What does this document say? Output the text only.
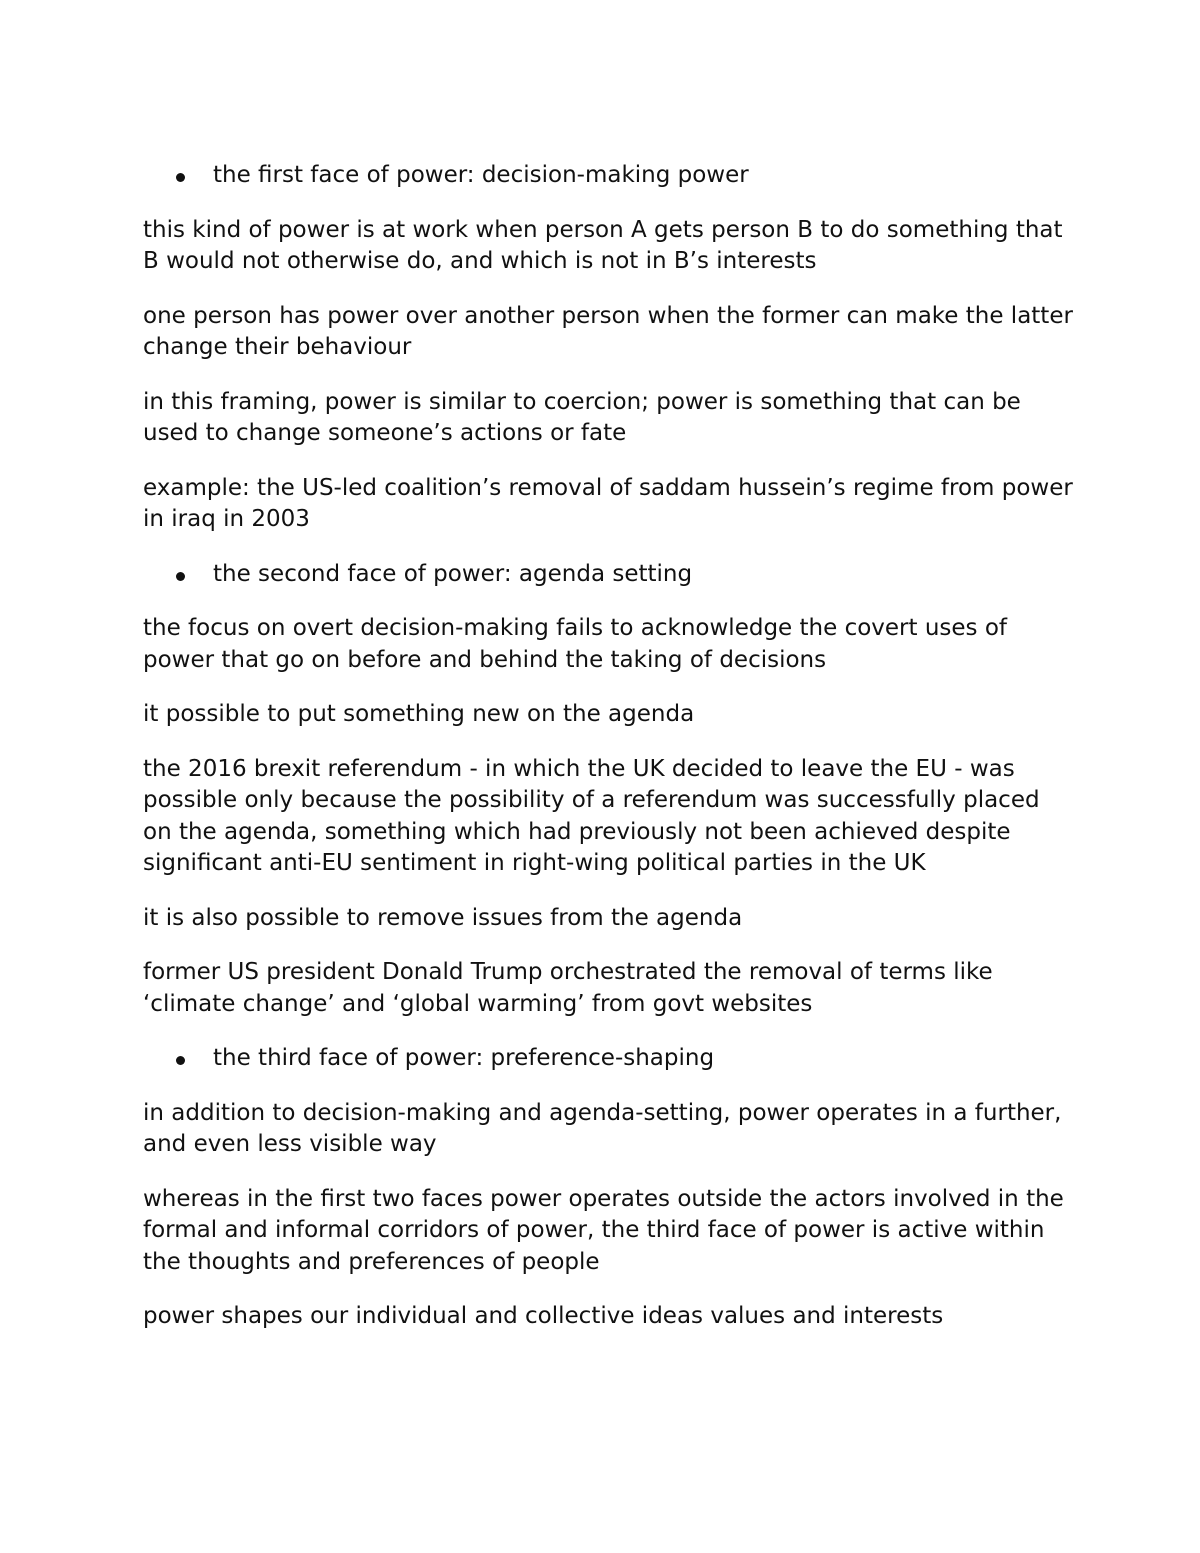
the first face of power: decision-making power

this kind of power is at work when person A gets person B to do something that B would not otherwise do, and which is not in B’s interests

one person has power over another person when the former can make the latter change their behaviour

in this framing, power is similar to coercion; power is something that can be used to change someone’s actions or fate

example: the US-led coalition’s removal of saddam hussein’s regime from power in iraq in 2003

the second face of power: agenda setting

the focus on overt decision-making fails to acknowledge the covert uses of power that go on before and behind the taking of decisions

it possible to put something new on the agenda

the 2016 brexit referendum - in which the UK decided to leave the EU - was possible only because the possibility of a referendum was successfully placed on the agenda, something which had previously not been achieved despite significant anti-EU sentiment in right-wing political parties in the UK

it is also possible to remove issues from the agenda

former US president Donald Trump orchestrated the removal of terms like ‘climate change’ and ‘global warming’ from govt websites

the third face of power: preference-shaping

in addition to decision-making and agenda-setting, power operates in a further, and even less visible way

whereas in the first two faces power operates outside the actors involved in the formal and informal corridors of power, the third face of power is active within the thoughts and preferences of people

power shapes our individual and collective ideas values and interests
